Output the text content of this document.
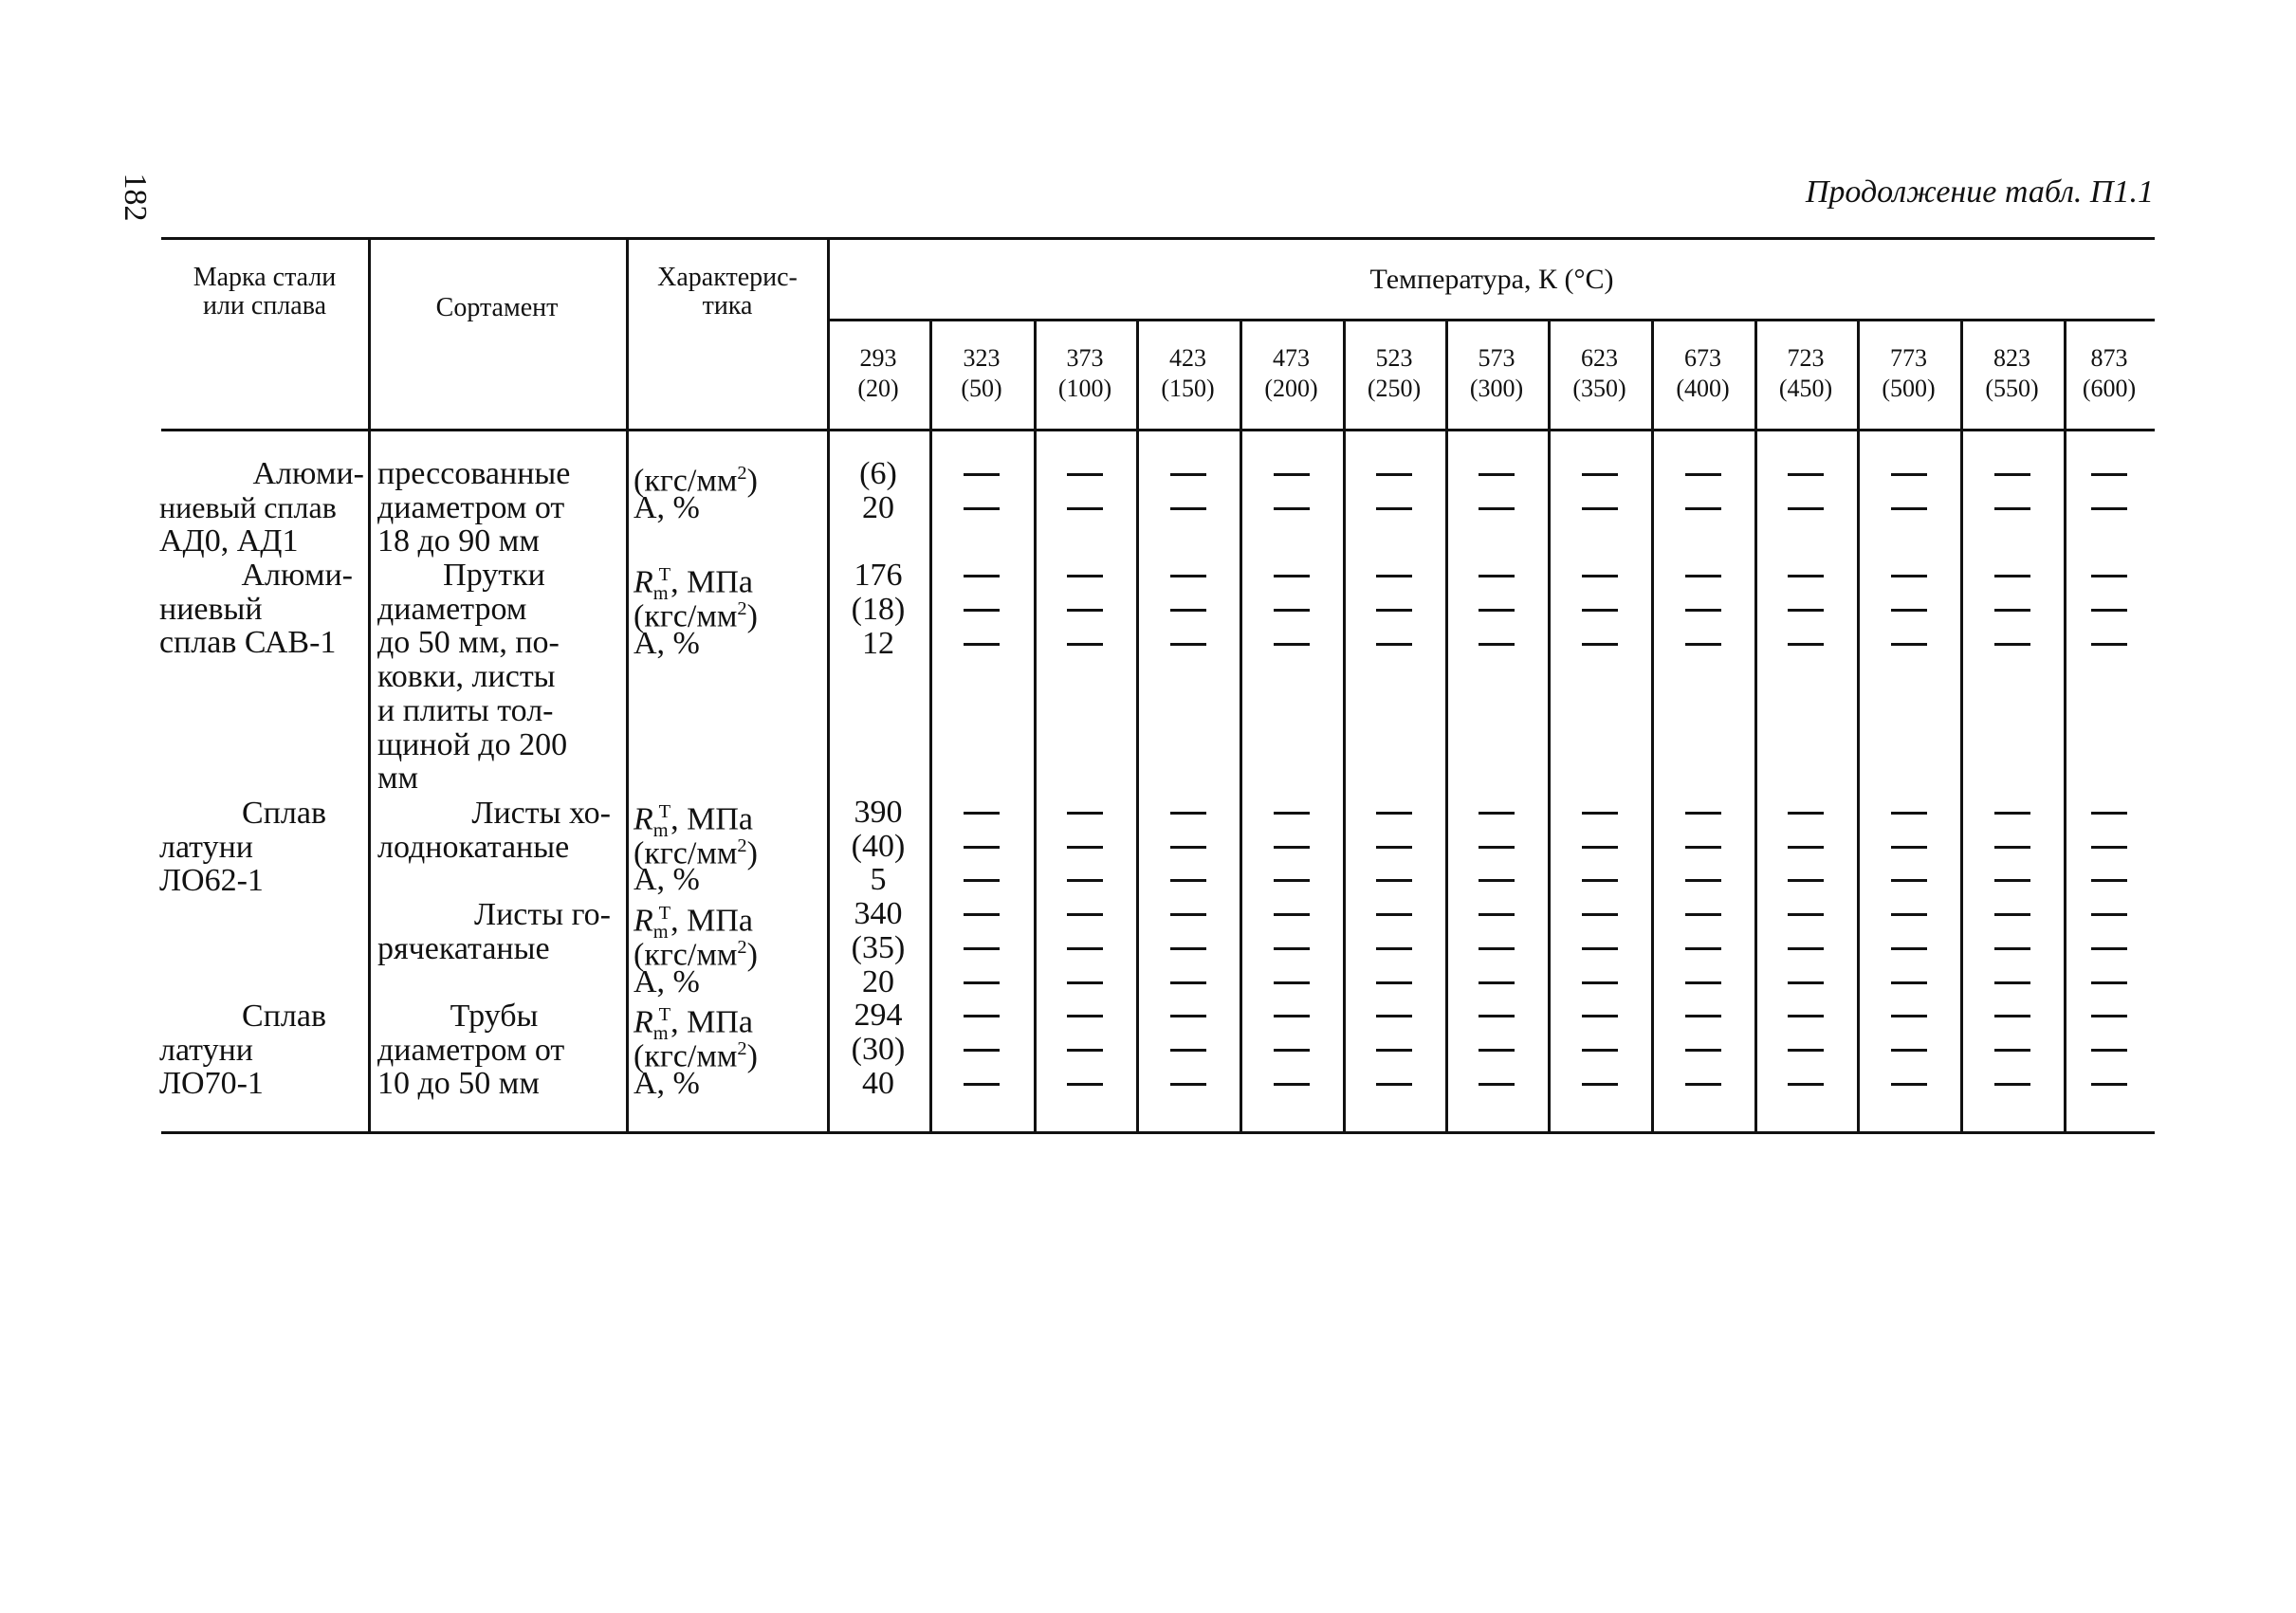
182	Продолжение табл. П1.1
Марка стали
или сплава	Сортамент
Характерис-
тика
Температура, К (°С)
293
(20)
323
(50)
373
(100)
423
(150)
473
(200)
523
(250)
573
(300)
623
(350)
673
(400)
723
(450)
773
(500)
823
(550)
873
(600)
Алюми-
ниевый сплав
АД0, АД1
Алюми-
ниевый
сплав САВ-1
Сплав
латуни
ЛО62-1
Сплав
латуни
ЛО70-1
прессованные
диаметром от
18 до 90 мм
Прутки
диаметром
до 50 мм, по-
ковки, листы
и плиты тол-
щиной до 200
мм
Листы хо-
лоднокатаные
Листы го-
рячекатаные
Трубы
диаметром от
10 до 50 мм
$(кгс/мм^2)$
A, %
$R_m^T$, МПа
$(кгс/мм^2)$
A, %
$R_m^T$, МПа
$(кгс/мм^2)$
A, %
$R_m^T$, МПа
$(кгс/мм^2)$
A, %
$R_m^T$, МПа
$(кгс/мм^2)$
A, %
(6)
20
176
(18)
12
390
(40)
5
340
(35)
20
294
(30)
40
